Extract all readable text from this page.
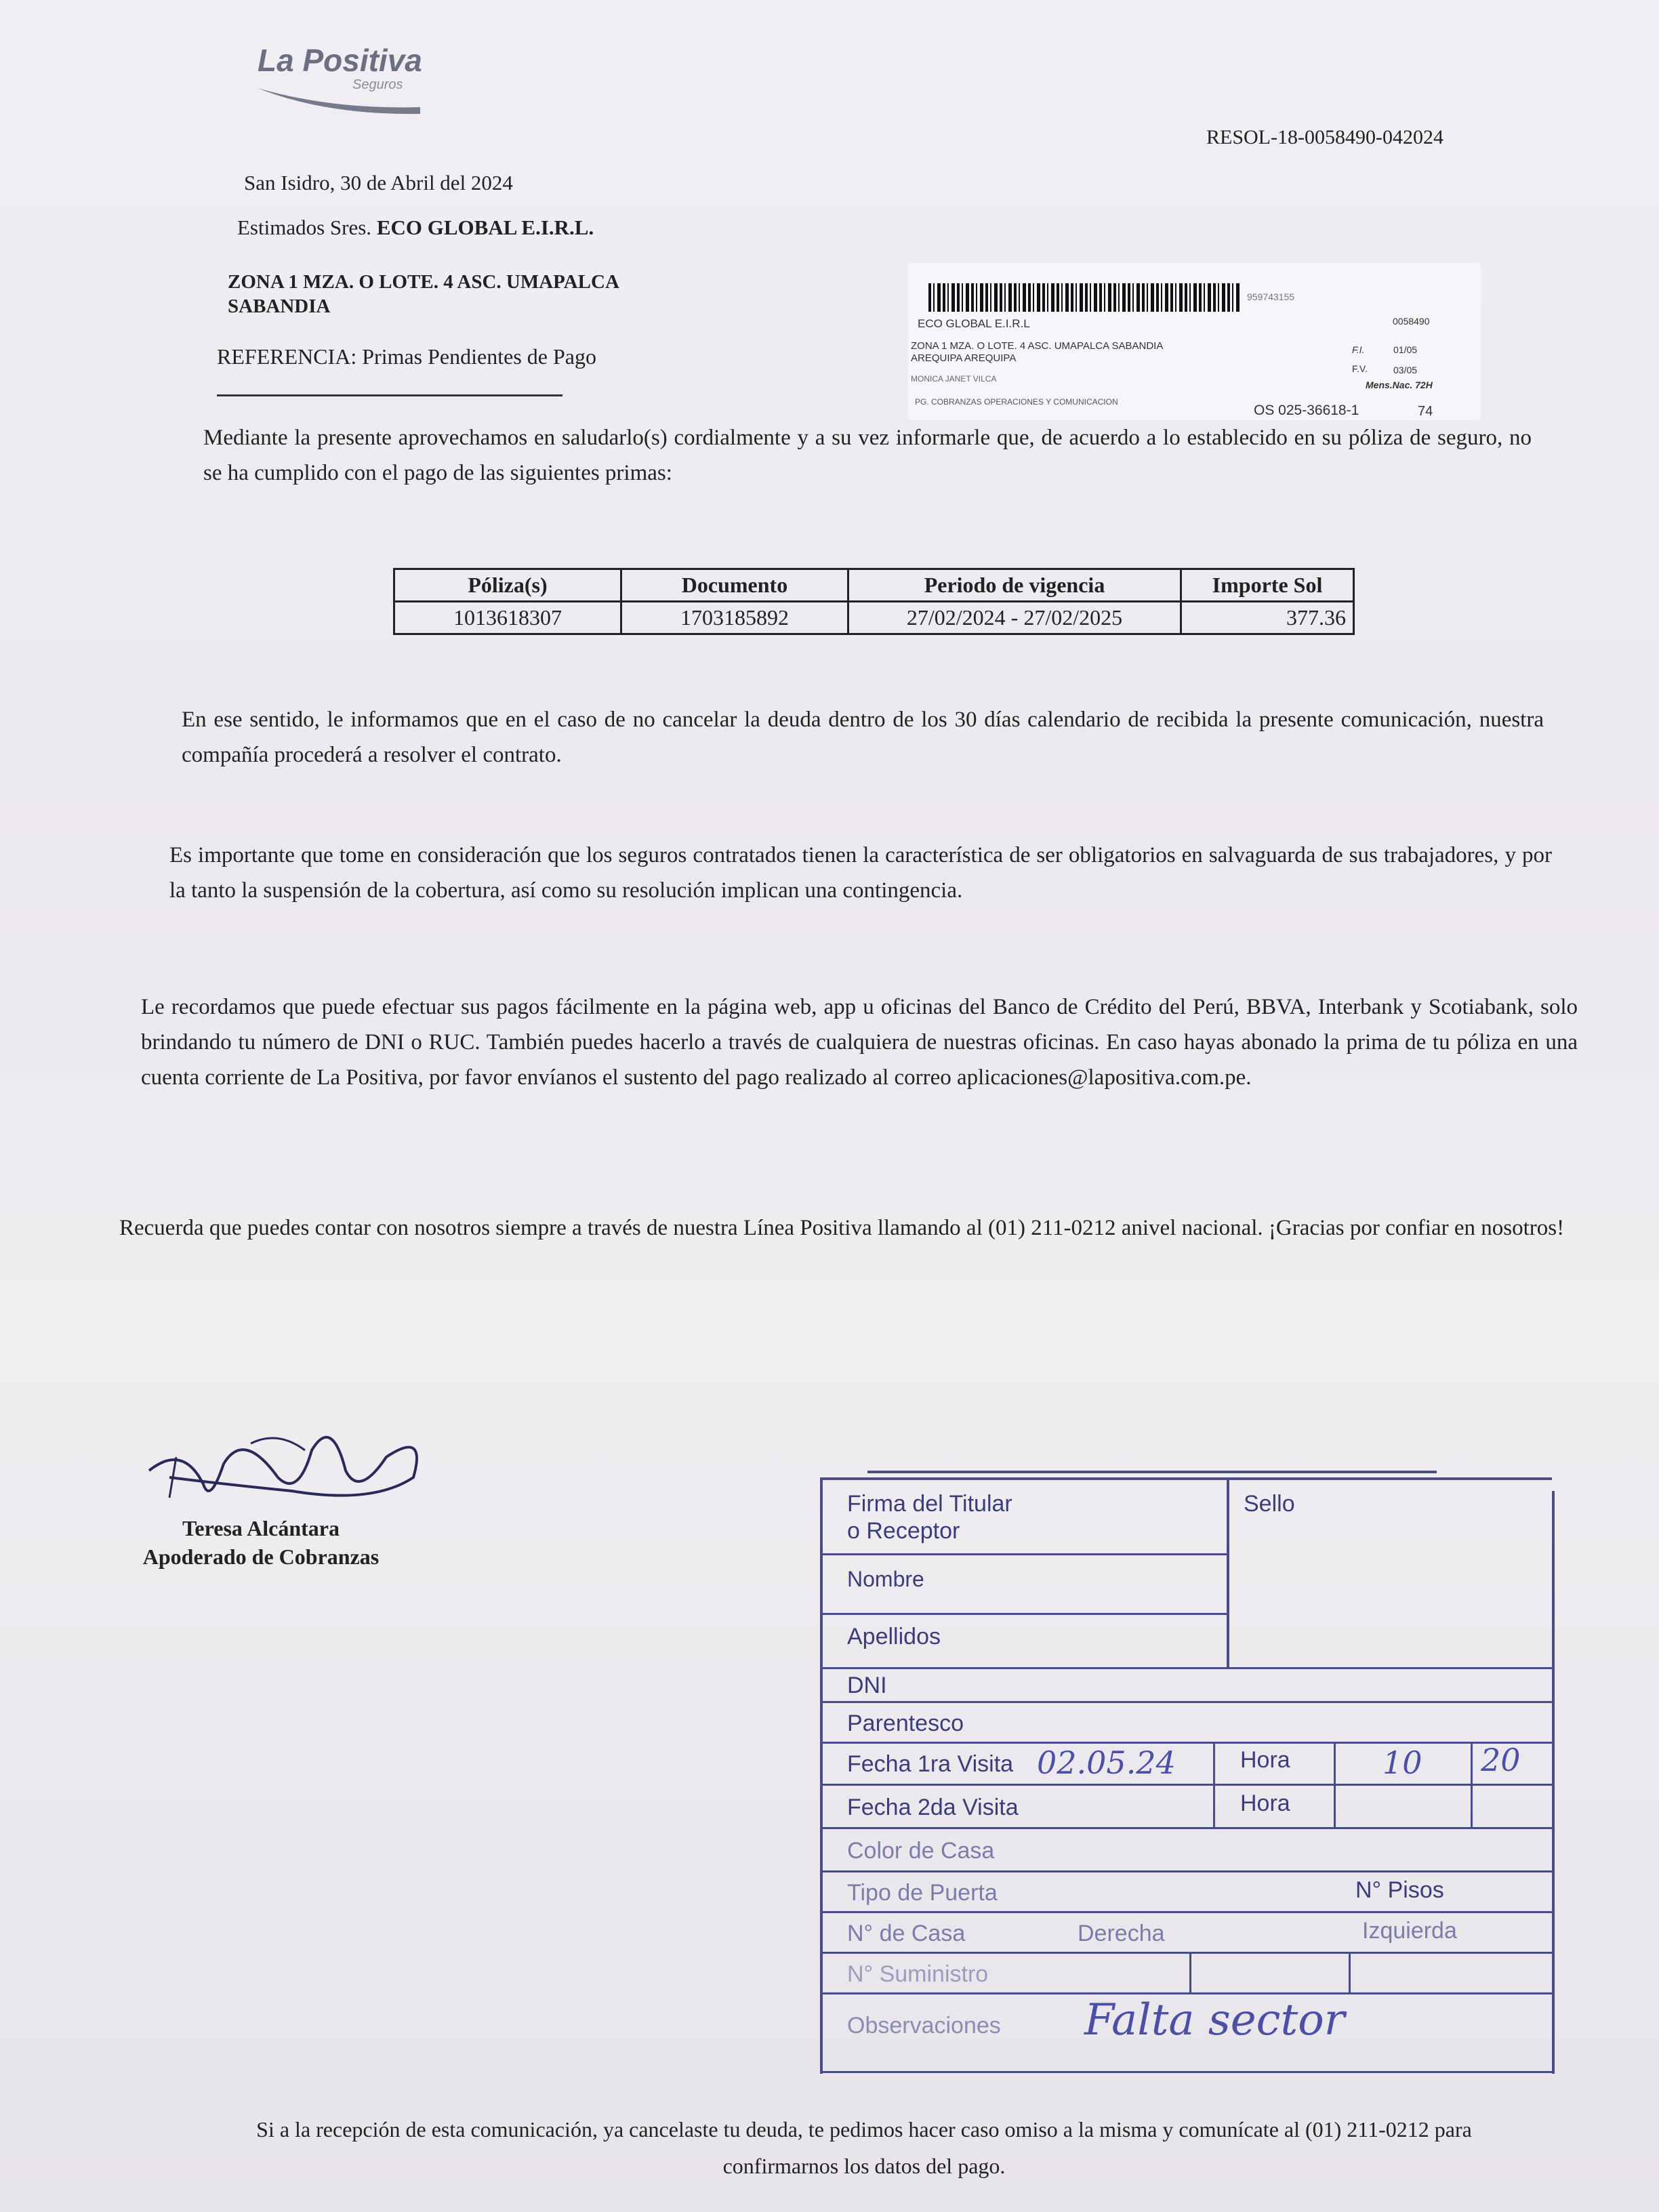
La Positiva
Seguros
RESOL-18-0058490-042024
San Isidro, 30 de Abril del 2024
Estimados Sres. ECO GLOBAL E.I.R.L.
ZONA 1 MZA. O LOTE. 4 ASC. UMAPALCA
SABANDIA
REFERENCIA: Primas Pendientes de Pago
959743155
ECO GLOBAL E.I.R.L	0058490
ZONA 1 MZA. O LOTE. 4 ASC. UMAPALCA SABANDIA
AREQUIPA AREQUIPA
F.I.	01/05
F.V.	03/05
MONICA JANET VILCA
Mens.Nac. 72H
PG. COBRANZAS OPERACIONES Y COMUNICACION
OS 025-36618-1	74
Mediante la presente aprovechamos en saludarlo(s) cordialmente y a su vez informarle que, de acuerdo a lo establecido en su póliza de seguro, no se ha cumplido con el pago de las siguientes primas:
Póliza(s)	Documento	Periodo de vigencia	Importe Sol
1013618307	1703185892	27/02/2024 - 27/02/2025	377.36
En ese sentido, le informamos que en el caso de no cancelar la deuda dentro de los 30 días calendario de recibida la presente comunicación, nuestra compañía procederá a resolver el contrato.
Es importante que tome en consideración que los seguros contratados tienen la característica de ser obligatorios en salvaguarda de sus trabajadores, y por la tanto la suspensión de la cobertura, así como su resolución implican una contingencia.
Le recordamos que puede efectuar sus pagos fácilmente en la página web, app u oficinas del Banco de Crédito del Perú, BBVA, Interbank y Scotiabank, solo brindando tu número de DNI o RUC. También puedes hacerlo a través de cualquiera de nuestras oficinas. En caso hayas abonado la prima de tu póliza en una cuenta corriente de La Positiva, por favor envíanos el sustento del pago realizado al correo aplicaciones@lapositiva.com.pe.
Recuerda que puedes contar con nosotros siempre a través de nuestra Línea Positiva llamando al (01) 211-0212 anivel nacional. ¡Gracias por confiar en nosotros!
Teresa Alcántara
Apoderado de Cobranzas
Firma del Titular
o Receptor
Sello
Nombre
Apellidos
DNI
Parentesco
Fecha 1ra Visita 02.05.24	Hora	10 20
Fecha 2da Visita	Hora
Color de Casa
Tipo de Puerta	N° Pisos
N° de Casa	Derecha	Izquierda
N° Suministro
Observaciones Falta sector
Si a la recepción de esta comunicación, ya cancelaste tu deuda, te pedimos hacer caso omiso a la misma y comunícate al (01) 211-0212 para confirmarnos los datos del pago.
